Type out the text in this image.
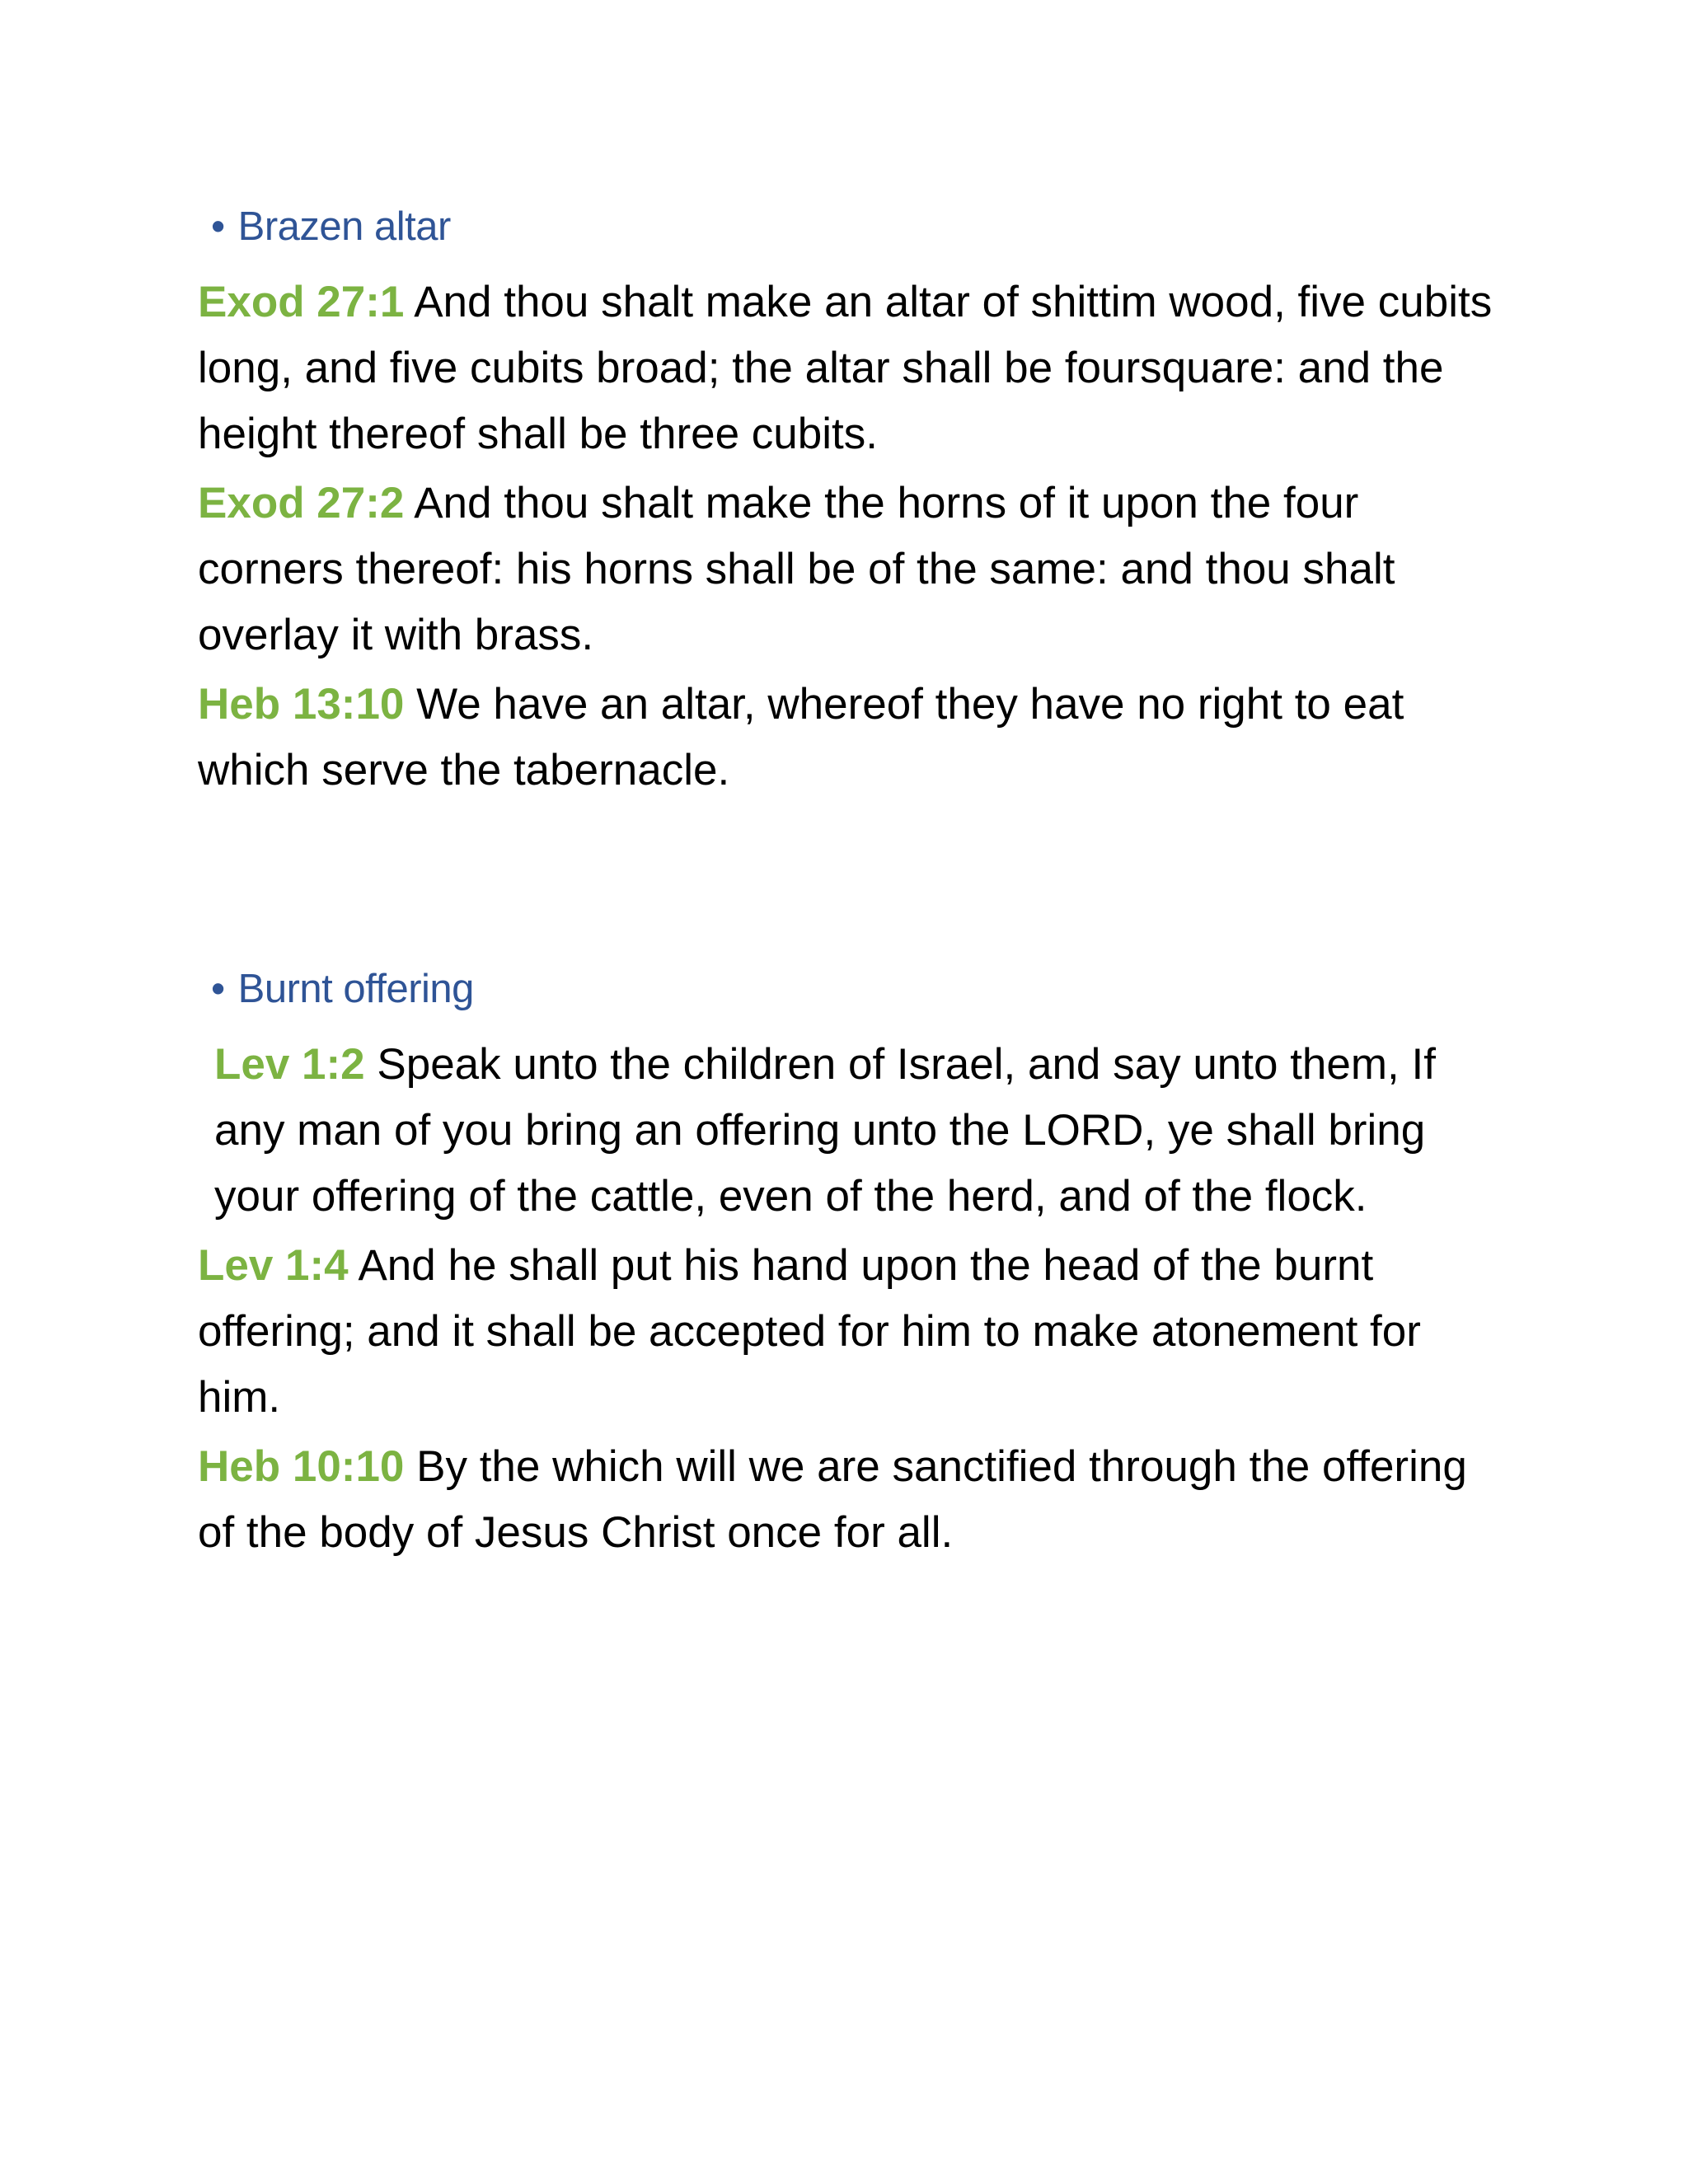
• Brazen altar

Exod 27:1 And thou shalt make an altar of shittim wood, five cubits long, and five cubits broad; the altar shall be foursquare: and the height thereof shall be three cubits.

Exod 27:2 And thou shalt make the horns of it upon the four corners thereof: his horns shall be of the same: and thou shalt overlay it with brass.

Heb 13:10 We have an altar, whereof they have no right to eat which serve the tabernacle.

• Burnt offering

Lev 1:2 Speak unto the children of Israel, and say unto them, If any man of you bring an offering unto the LORD, ye shall bring your offering of the cattle, even of the herd, and of the flock.

Lev 1:4 And he shall put his hand upon the head of the burnt offering; and it shall be accepted for him to make atonement for him.

Heb 10:10 By the which will we are sanctified through the offering of the body of Jesus Christ once for all.
